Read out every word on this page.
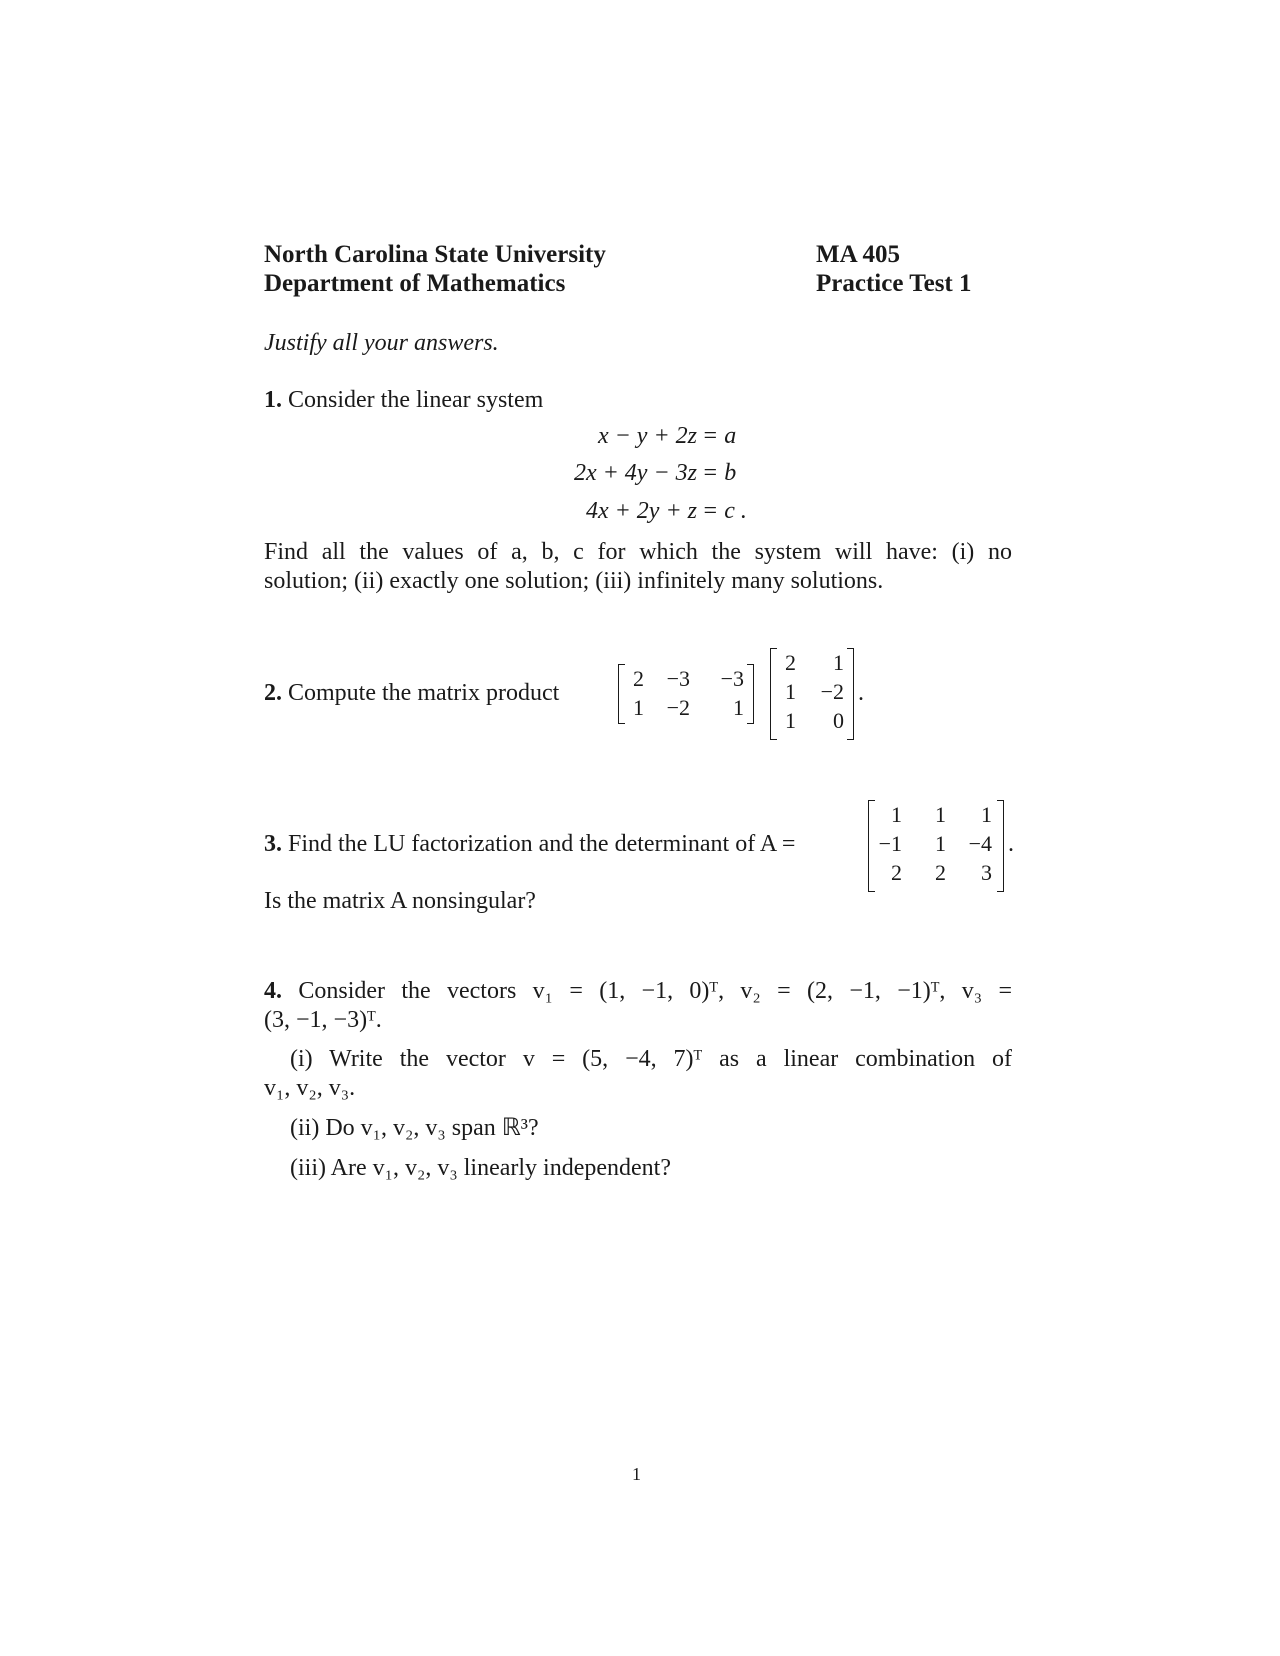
North Carolina State University
Department of Mathematics
MA 405
Practice Test 1
Justify all your answers.
1. Consider the linear system
x − y + 2z = a
2x + 4y − 3z = b
4x + 2y + z = c .
Find all the values of a, b, c for which the system will have: (i) no
solution; (ii) exactly one solution; (iii) infinitely many solutions.
2. Compute the matrix product
2	−3	−3
1	−2	1
2	1
1	−2
1	0
.
3. Find the LU factorization and the determinant of A =
1	1	1
−1	1	−4
2	2	3
.
Is the matrix A nonsingular?
4. Consider the vectors v₁ = (1, −1, 0)ᵀ, v₂ = (2, −1, −1)ᵀ, v₃ =
(3, −1, −3)ᵀ.
(i) Write the vector v = (5, −4, 7)ᵀ as a linear combination of
v₁, v₂, v₃.
(ii) Do v₁, v₂, v₃ span ℝ³?
(iii) Are v₁, v₂, v₃ linearly independent?
1
